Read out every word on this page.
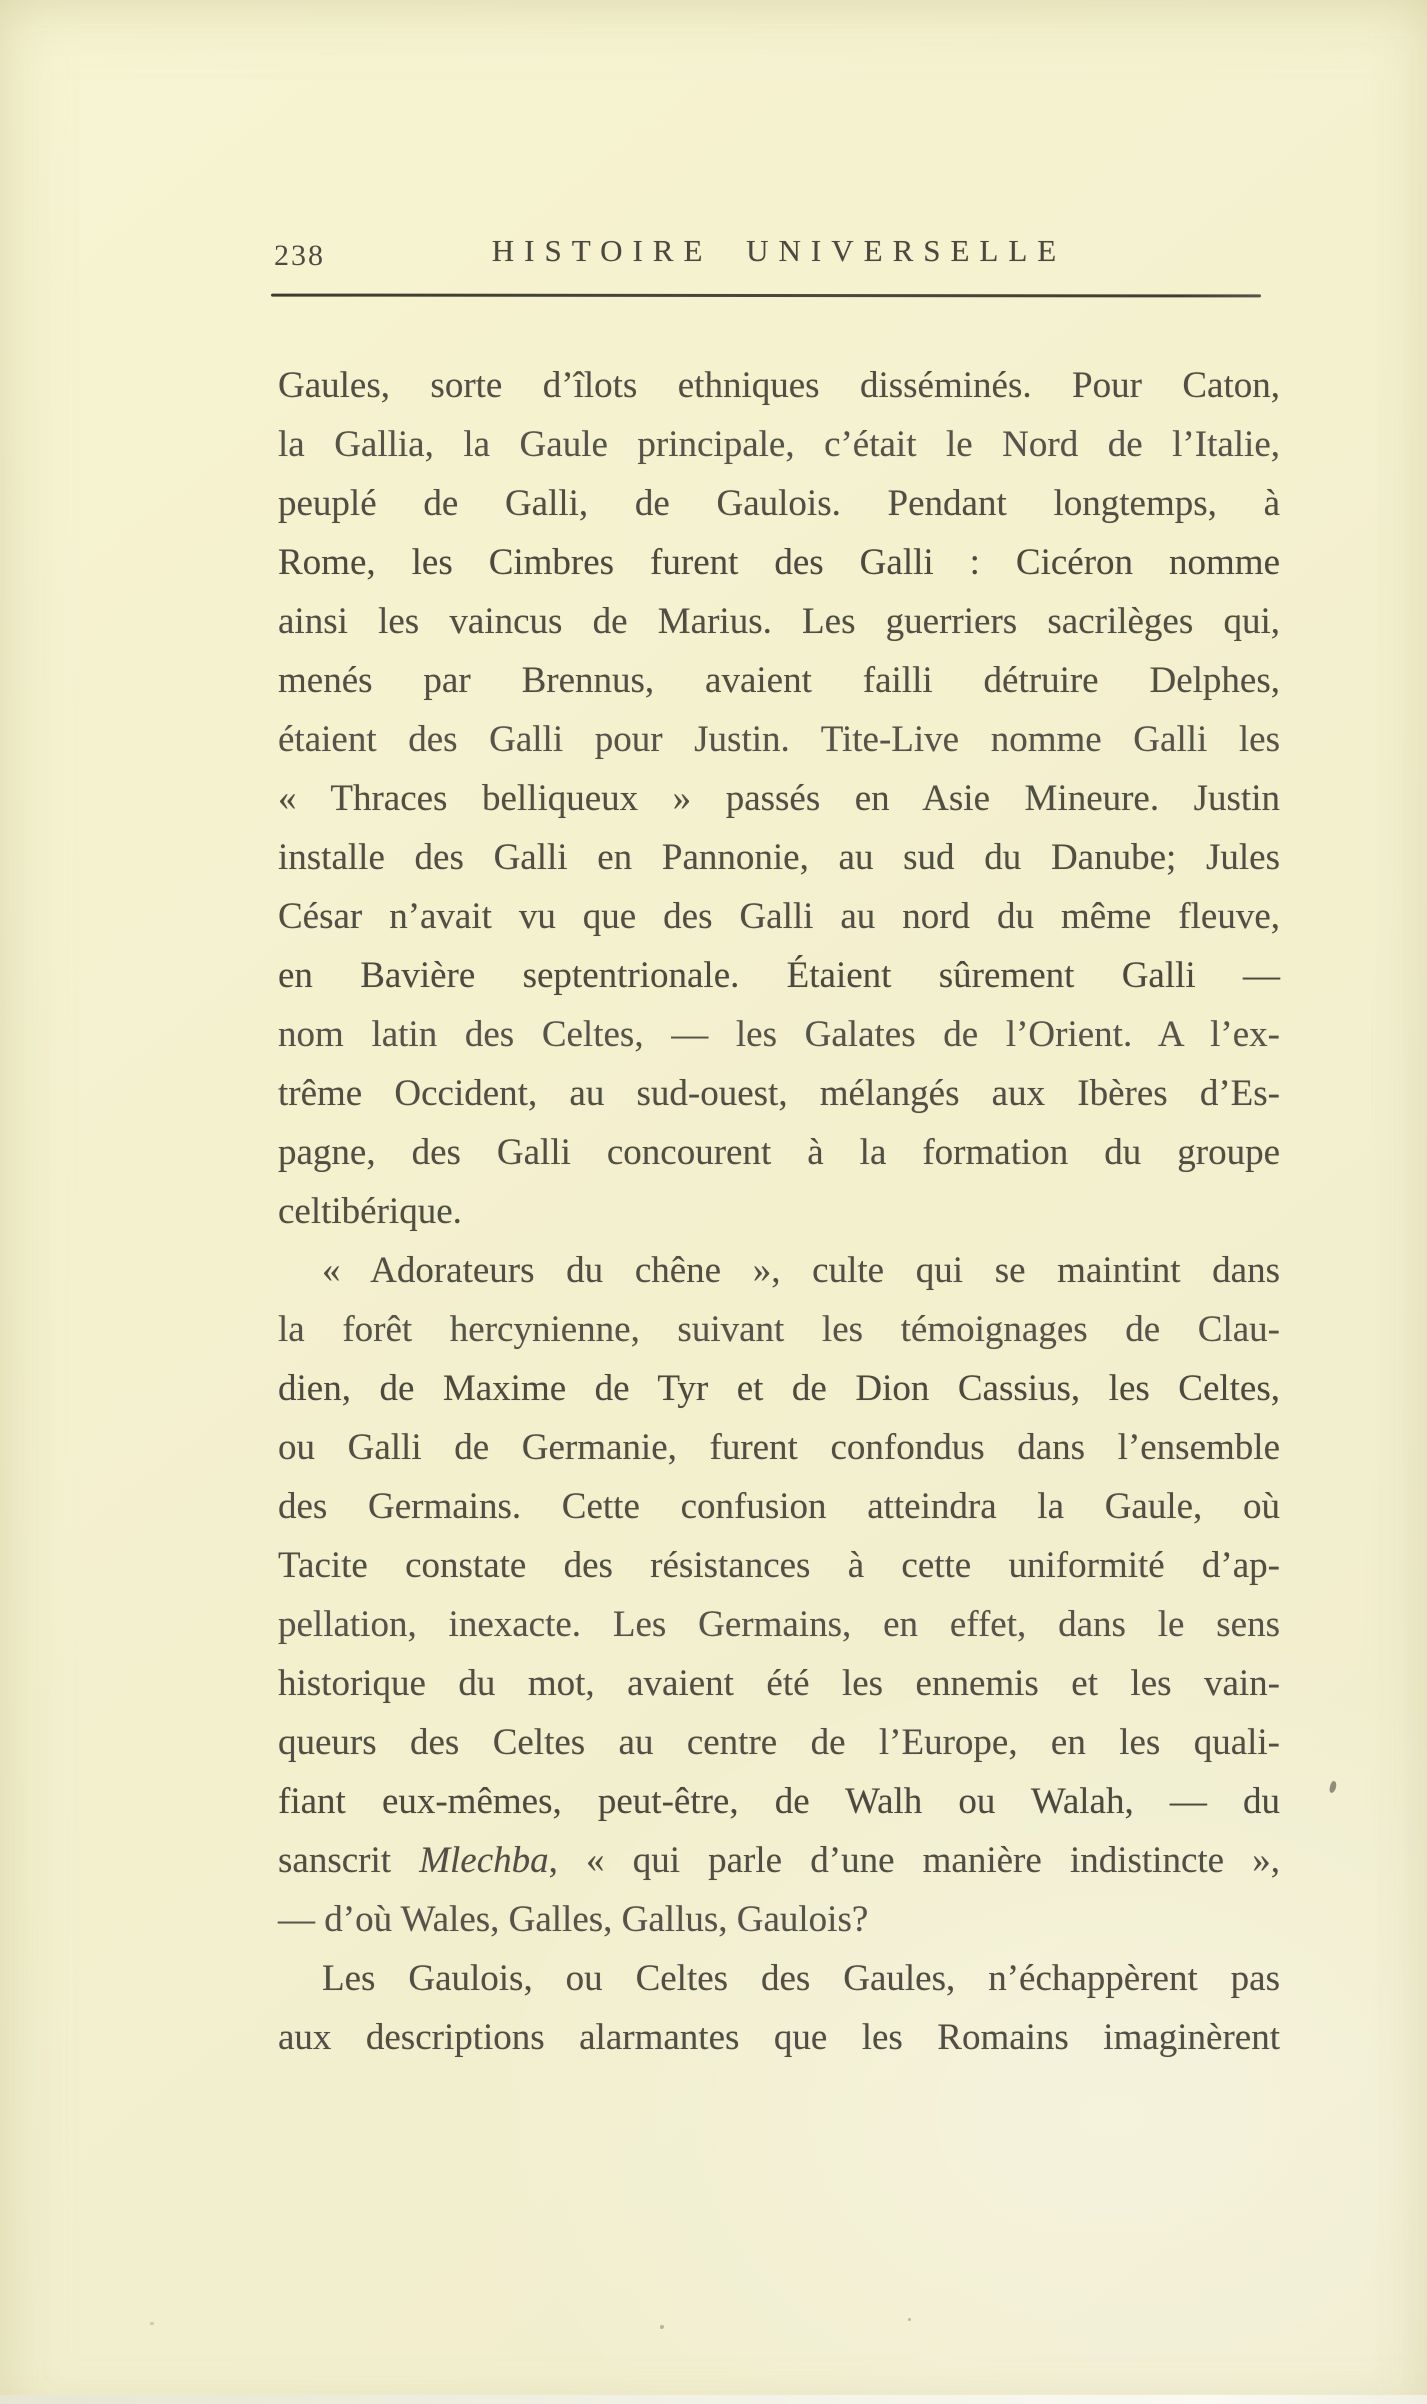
238	HISTOIRE UNIVERSELLE
Gaules, sorte d’îlots ethniques disséminés. Pour Caton,
la Gallia, la Gaule principale, c’était le Nord de l’Italie,
peuplé de Galli, de Gaulois. Pendant longtemps, à
Rome, les Cimbres furent des Galli : Cicéron nomme
ainsi les vaincus de Marius. Les guerriers sacrilèges qui,
menés par Brennus, avaient failli détruire Delphes,
étaient des Galli pour Justin. Tite-Live nomme Galli les
« Thraces belliqueux » passés en Asie Mineure. Justin
installe des Galli en Pannonie, au sud du Danube; Jules
César n’avait vu que des Galli au nord du même fleuve,
en Bavière septentrionale. Étaient sûrement Galli —
nom latin des Celtes, — les Galates de l’Orient. A l’ex-
trême Occident, au sud-ouest, mélangés aux Ibères d’Es-
pagne, des Galli concourent à la formation du groupe
celtibérique.
« Adorateurs du chêne », culte qui se maintint dans
la forêt hercynienne, suivant les témoignages de Clau-
dien, de Maxime de Tyr et de Dion Cassius, les Celtes,
ou Galli de Germanie, furent confondus dans l’ensemble
des Germains. Cette confusion atteindra la Gaule, où
Tacite constate des résistances à cette uniformité d’ap-
pellation, inexacte. Les Germains, en effet, dans le sens
historique du mot, avaient été les ennemis et les vain-
queurs des Celtes au centre de l’Europe, en les quali-
fiant eux-mêmes, peut-être, de Walh ou Walah, — du
sanscrit Mlechba, « qui parle d’une manière indistincte »,
— d’où Wales, Galles, Gallus, Gaulois?
Les Gaulois, ou Celtes des Gaules, n’échappèrent pas
aux descriptions alarmantes que les Romains imaginèrent
